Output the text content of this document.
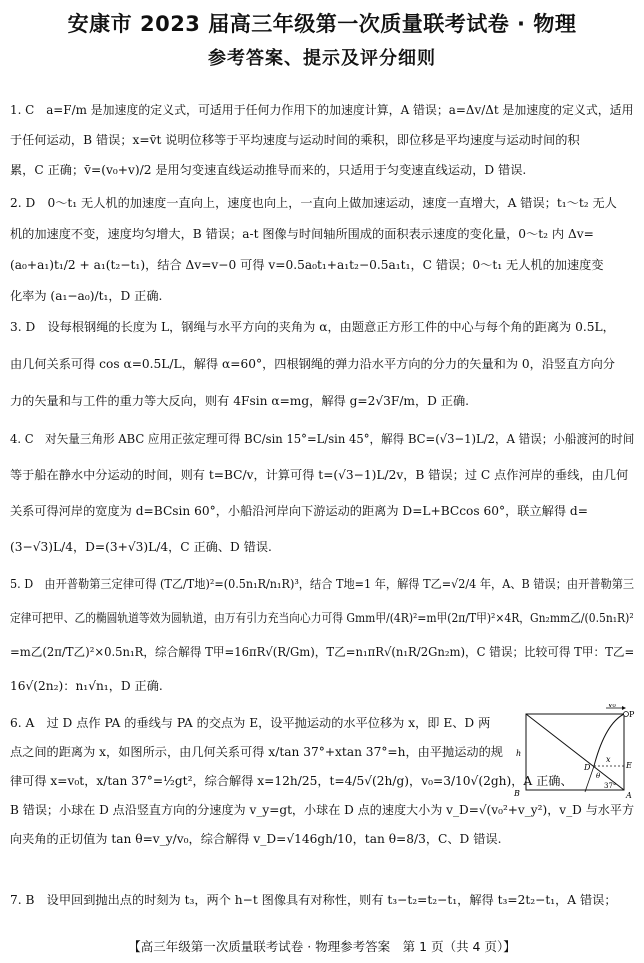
安康市 2023 届高三年级第一次质量联考试卷 · 物理
参考答案、提示及评分细则
1. C　a=F/m 是加速度的定义式，可适用于任何力作用下的加速度计算，A 错误；a=Δv/Δt 是加速度的定义式，适用
于任何运动，B 错误；x=v̄t 说明位移等于平均速度与运动时间的乘积，即位移是平均速度与运动时间的积
累，C 正确；v̄=(v₀+v)/2 是用匀变速直线运动推导而来的，只适用于匀变速直线运动，D 错误.
2. D　0～t₁ 无人机的加速度一直向上，速度也向上，一直向上做加速运动，速度一直增大，A 错误；t₁～t₂ 无人
机的加速度不变，速度均匀增大，B 错误；a-t 图像与时间轴所围成的面积表示速度的变化量，0～t₂ 内 Δv=
(a₀+a₁)t₁/2 + a₁(t₂−t₁)，结合 Δv=v−0 可得 v=0.5a₀t₁+a₁t₂−0.5a₁t₁，C 错误；0～t₁ 无人机的加速度变
化率为 (a₁−a₀)/t₁，D 正确.
3. D　设每根钢绳的长度为 L，钢绳与水平方向的夹角为 α，由题意正方形工件的中心与每个角的距离为 0.5L，
由几何关系可得 cos α=0.5L/L，解得 α=60°，四根钢绳的弹力沿水平方向的分力的矢量和为 0，沿竖直方向分
力的矢量和与工件的重力等大反向，则有 4Fsin α=mg，解得 g=2√3F/m，D 正确.
4. C　对矢量三角形 ABC 应用正弦定理可得 BC/sin 15°=L/sin 45°，解得 BC=(√3−1)L/2，A 错误；小船渡河的时间
等于船在静水中分运动的时间，则有 t=BC/v，计算可得 t=(√3−1)L/2v，B 错误；过 C 点作河岸的垂线，由几何
关系可得河岸的宽度为 d=BCsin 60°，小船沿河岸向下游运动的距离为 D=L+BCcos 60°，联立解得 d=
(3−√3)L/4，D=(3+√3)L/4，C 正确、D 错误.
5. D　由开普勒第三定律可得 (T乙/T地)²=(0.5n₁R/n₁R)³，结合 T地=1 年，解得 T乙=√2/4 年，A、B 错误；由开普勒第三
定律可把甲、乙的椭圆轨道等效为圆轨道，由万有引力充当向心力可得 Gmm甲/(4R)²=m甲(2π/T甲)²×4R，Gn₂mm乙/(0.5n₁R)²
=m乙(2π/T乙)²×0.5n₁R，综合解得 T甲=16πR√(R/Gm)，T乙=n₁πR√(n₁R/2Gn₂m)，C 错误；比较可得 T甲：T乙=
16√(2n₂)：n₁√n₁，D 正确.
6. A　过 D 点作 PA 的垂线与 PA 的交点为 E，设平抛运动的水平位移为 x，即 E、D 两
点之间的距离为 x，如图所示，由几何关系可得 x/tan 37°+xtan 37°=h，由平抛运动的规
律可得 x=v₀t，x/tan 37°=½gt²，综合解得 x=12h/25，t=4/5√(2h/g)，v₀=3/10√(2gh)，A 正确、
B 错误；小球在 D 点沿竖直方向的分速度为 v_y=gt，小球在 D 点的速度大小为 v_D=√(v₀²+v_y²)，v_D 与水平方
向夹角的正切值为 tan θ=v_y/v₀，综合解得 v_D=√146gh/10，tan θ=8/3，C、D 错误.
7. B　设甲回到抛出点的时刻为 t₃，两个 h−t 图像具有对称性，则有 t₃−t₂=t₂−t₁，解得 t₃=2t₂−t₁，A 错误；
v₀
P
h
x
θ
D	E
B	A
37°
【高三年级第一次质量联考试卷 · 物理参考答案　第 1 页（共 4 页）】
